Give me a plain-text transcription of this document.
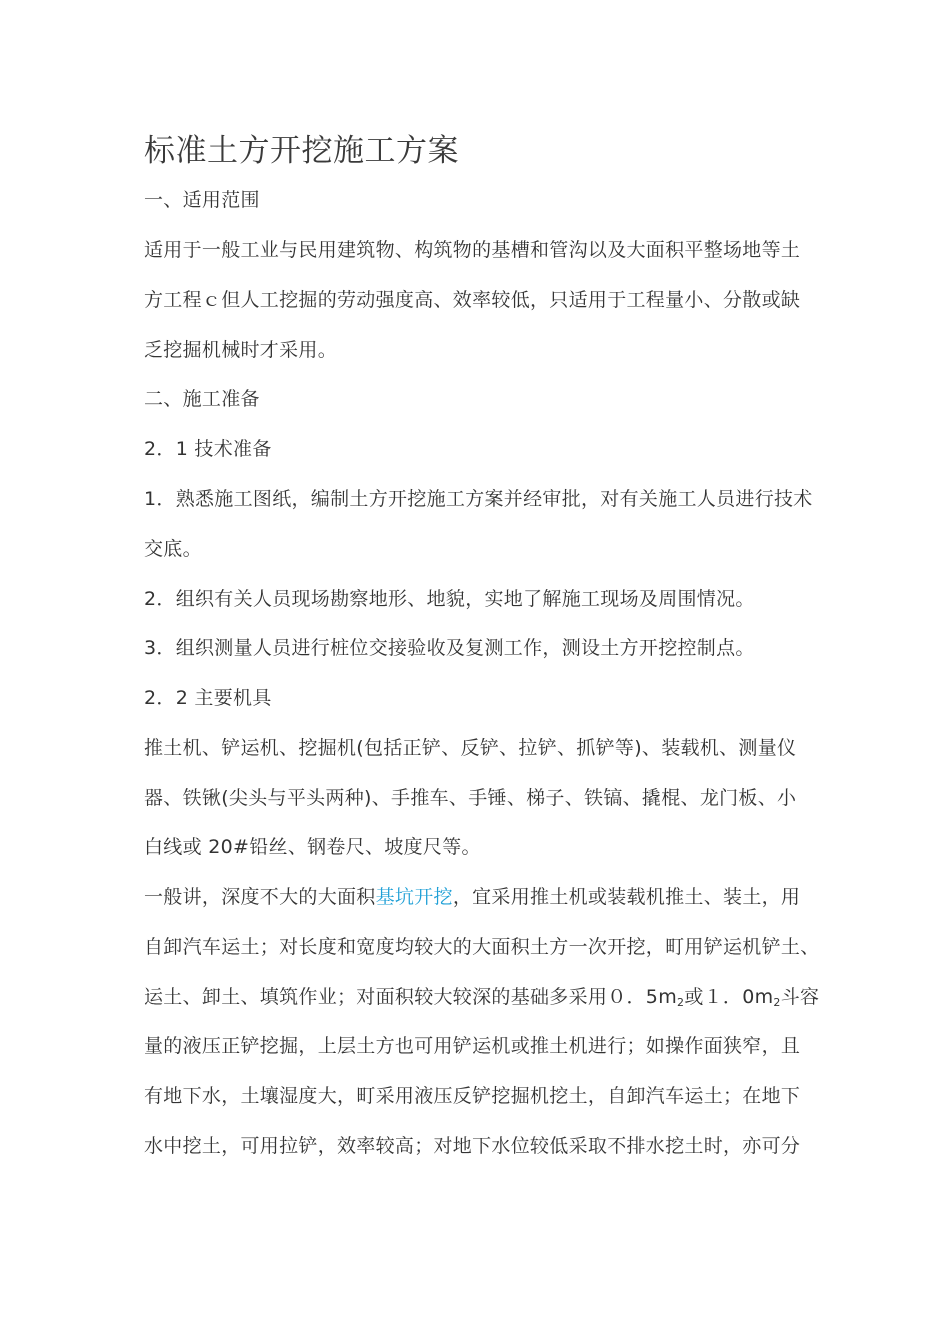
标准土方开挖施工方案
一、适用范围
适用于一般工业与民用建筑物、构筑物的基槽和管沟以及大面积平整场地等土
方工程ｃ但人工挖掘的劳动强度高、效率较低，只适用于工程量小、分散或缺
乏挖掘机械时才采用。
二、施工准备
2．1 技术准备
1．熟悉施工图纸，编制土方开挖施工方案并经审批，对有关施工人员进行技术
交底。
2．组织有关人员现场勘察地形、地貌，实地了解施工现场及周围情况。
3．组织测量人员进行桩位交接验收及复测工作，测设土方开挖控制点。
2．2 主要机具
推土机、铲运机、挖掘机(包括正铲、反铲、拉铲、抓铲等)、装载机、测量仪
器、铁锹(尖头与平头两种)、手推车、手锤、梯子、铁镐、撬棍、龙门板、小
白线或 20#铅丝、钢卷尺、坡度尺等。
一般讲，深度不大的大面积基坑开挖，宜采用推土机或装载机推土、装土，用
自卸汽车运土；对长度和宽度均较大的大面积土方一次开挖，町用铲运机铲土、
运土、卸土、填筑作业；对面积较大较深的基础多采用０．$5m_2$或１．$0m_2$斗容
量的液压正铲挖掘，上层土方也可用铲运机或推土机进行；如操作面狭窄，且
有地下水，土壤湿度大，町采用液压反铲挖掘机挖土，自卸汽车运土；在地下
水中挖土，可用拉铲，效率较高；对地下水位较低采取不排水挖土时，亦可分
